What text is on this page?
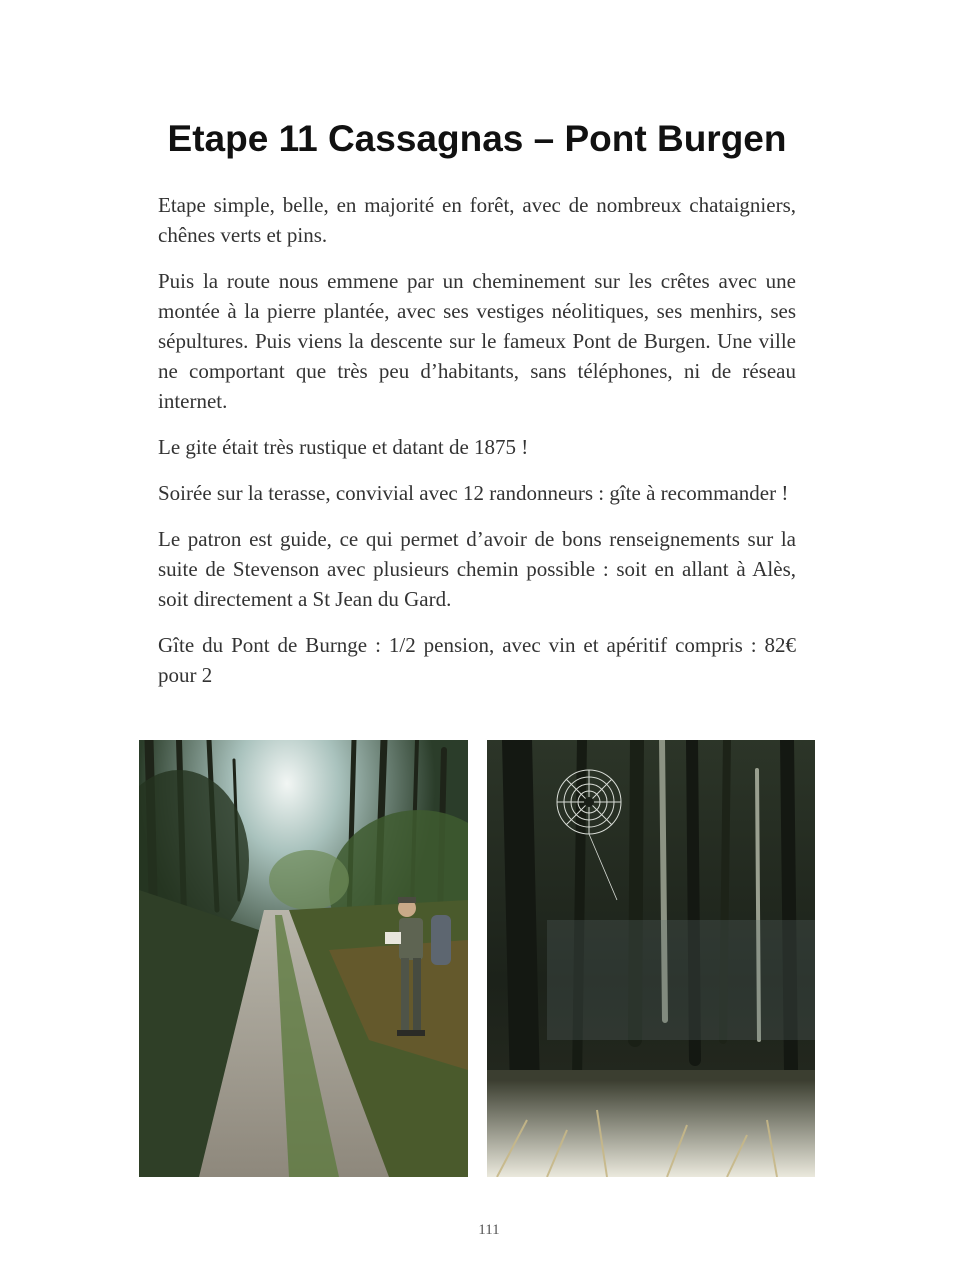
Etape 11 Cassagnas – Pont Burgen

Etape simple, belle, en majorité en forêt, avec de nombreux chataigniers, chênes verts et pins.

Puis la route nous emmene par un cheminement sur les crêtes avec une montée à la pierre plantée, avec ses vestiges néolitiques, ses menhirs, ses sépultures. Puis viens la descente sur le fameux Pont de Burgen. Une ville ne comportant que très peu d’habitants, sans téléphones, ni de réseau internet.

Le gite était très rustique et datant de 1875 !

Soirée sur la terasse, convivial avec 12 randonneurs : gîte à recommander !

Le patron est guide, ce qui permet d’avoir de bons renseignements sur la suite de Stevenson avec plusieurs chemin possible : soit en allant à Alès, soit directement a St Jean du Gard.

Gîte du Pont de Burnge : 1/2 pension, avec vin et apéritif compris : 82€ pour 2

111
